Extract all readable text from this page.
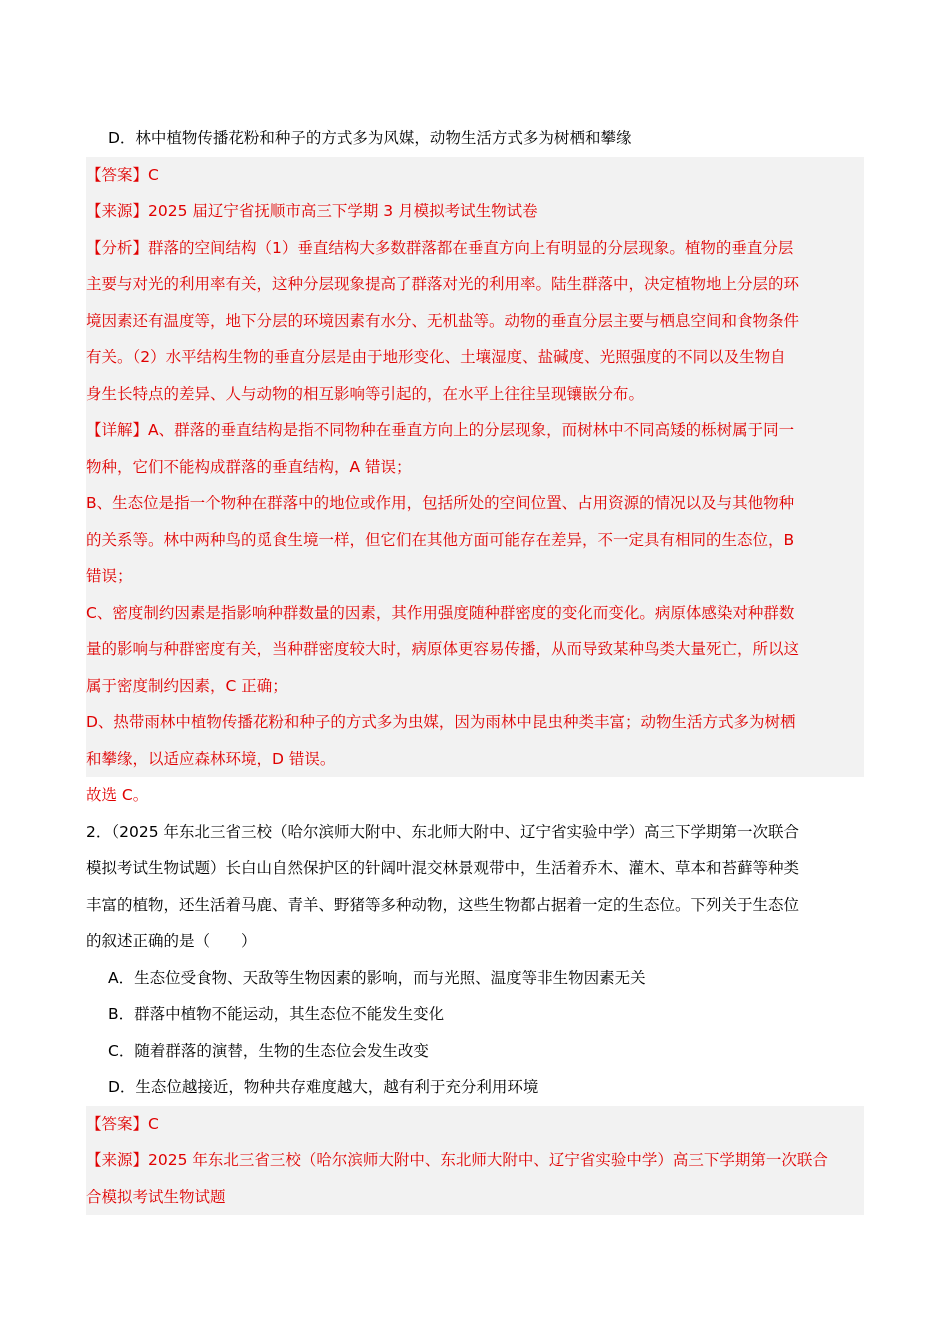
D．林中植物传播花粉和种子的方式多为风媒，动物生活方式多为树栖和攀缘
【答案】C
【来源】2025 届辽宁省抚顺市高三下学期 3 月模拟考试生物试卷
【分析】群落的空间结构（1）垂直结构大多数群落都在垂直方向上有明显的分层现象。植物的垂直分层
主要与对光的利用率有关，这种分层现象提高了群落对光的利用率。陆生群落中，决定植物地上分层的环
境因素还有温度等，地下分层的环境因素有水分、无机盐等。动物的垂直分层主要与栖息空间和食物条件
有关。（2）水平结构生物的垂直分层是由于地形变化、土壤湿度、盐碱度、光照强度的不同以及生物自
身生长特点的差异、人与动物的相互影响等引起的，在水平上往往呈现镶嵌分布。
【详解】A、群落的垂直结构是指不同物种在垂直方向上的分层现象，而树林中不同高矮的栎树属于同一
物种，它们不能构成群落的垂直结构，A 错误；
B、生态位是指一个物种在群落中的地位或作用，包括所处的空间位置、占用资源的情况以及与其他物种
的关系等。林中两种鸟的觅食生境一样，但它们在其他方面可能存在差异，不一定具有相同的生态位，B
错误；
C、密度制约因素是指影响种群数量的因素，其作用强度随种群密度的变化而变化。病原体感染对种群数
量的影响与种群密度有关，当种群密度较大时，病原体更容易传播，从而导致某种鸟类大量死亡，所以这
属于密度制约因素，C 正确；
D、热带雨林中植物传播花粉和种子的方式多为虫媒，因为雨林中昆虫种类丰富；动物生活方式多为树栖
和攀缘，以适应森林环境，D 错误。
故选 C。
2．（2025 年东北三省三校（哈尔滨师大附中、东北师大附中、辽宁省实验中学）高三下学期第一次联合
模拟考试生物试题）长白山自然保护区的针阔叶混交林景观带中，生活着乔木、灌木、草本和苔藓等种类
丰富的植物，还生活着马鹿、青羊、野猪等多种动物，这些生物都占据着一定的生态位。下列关于生态位
的叙述正确的是（　　）
A．生态位受食物、天敌等生物因素的影响，而与光照、温度等非生物因素无关
B．群落中植物不能运动，其生态位不能发生变化
C．随着群落的演替，生物的生态位会发生改变
D．生态位越接近，物种共存难度越大，越有利于充分利用环境
【答案】C
【来源】2025 年东北三省三校（哈尔滨师大附中、东北师大附中、辽宁省实验中学）高三下学期第一次联合
合模拟考试生物试题
